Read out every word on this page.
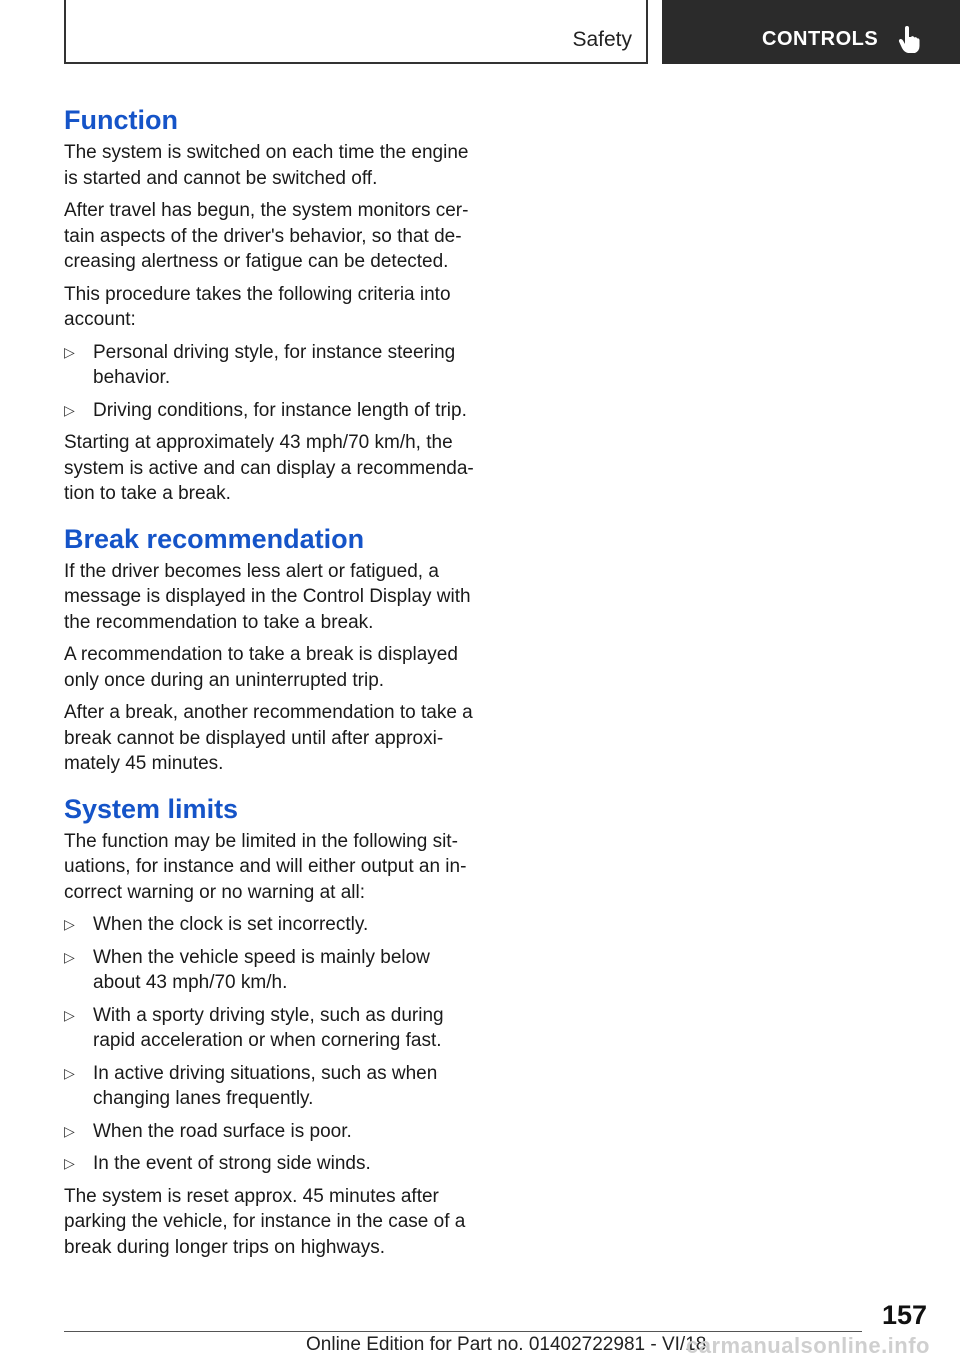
Safety	CONTROLS
Function

The system is switched on each time the engine is started and cannot be switched off.

After travel has begun, the system monitors cer‐tain aspects of the driver's behavior, so that de‐creasing alertness or fatigue can be detected.

This procedure takes the following criteria into account:

▷ Personal driving style, for instance steering behavior.
▷ Driving conditions, for instance length of trip.

Starting at approximately 43 mph/70 km/h, the system is active and can display a recommenda‐tion to take a break.

Break recommendation

If the driver becomes less alert or fatigued, a message is displayed in the Control Display with the recommendation to take a break.

A recommendation to take a break is displayed only once during an uninterrupted trip.

After a break, another recommendation to take a break cannot be displayed until after approxi‐mately 45 minutes.

System limits

The function may be limited in the following sit‐uations, for instance and will either output an in‐correct warning or no warning at all:

▷ When the clock is set incorrectly.
▷ When the vehicle speed is mainly below about 43 mph/70 km/h.
▷ With a sporty driving style, such as during rapid acceleration or when cornering fast.
▷ In active driving situations, such as when changing lanes frequently.
▷ When the road surface is poor.
▷ In the event of strong side winds.

The system is reset approx. 45 minutes after parking the vehicle, for instance in the case of a break during longer trips on highways.

157
Online Edition for Part no. 01402722981 - VI/18
carmanualsonline.info
